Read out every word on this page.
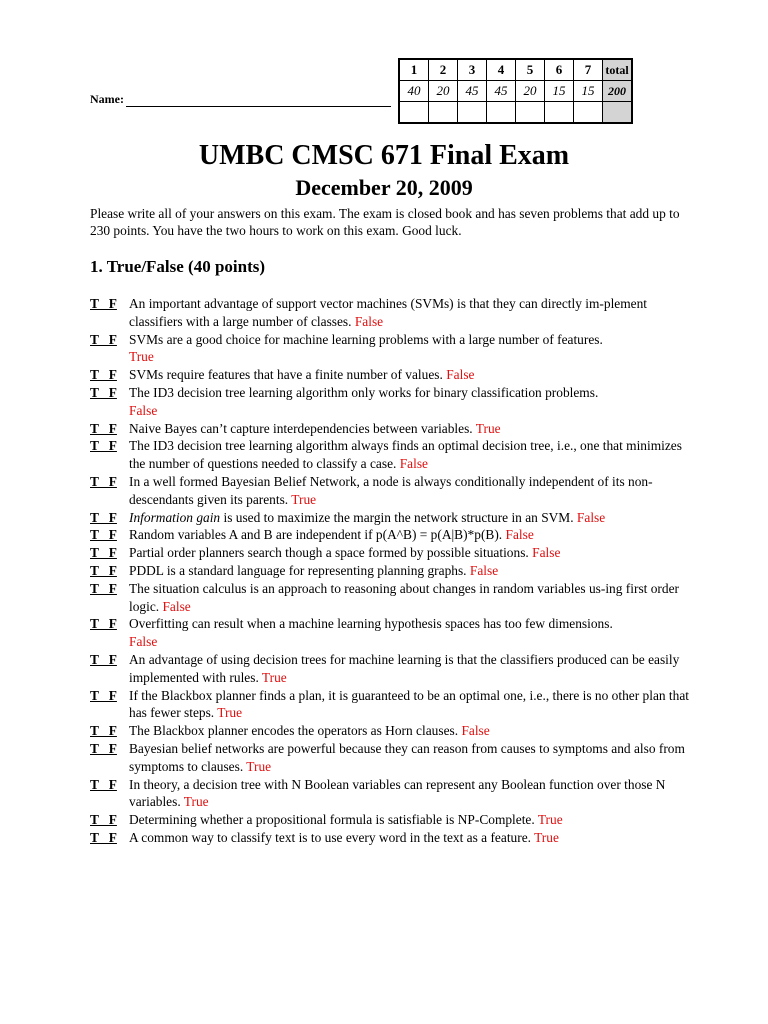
Name:
1	2	3	4	5	6	7	total
40	20	45	45	20	15	15	200

UMBC CMSC 671 Final Exam
December 20, 2009
Please write all of your answers on this exam. The exam is closed book and has seven problems that add up to 230 points. You have the two hours to work on this exam. Good luck.
1. True/False (40 points)
T   F An important advantage of support vector machines (SVMs) is that they can directly im-plement classifiers with a large number of classes. False
T   F SVMs are a good choice for machine learning problems with a large number of features.
True
T   F SVMs require features that have a finite number of values. False
T   F The ID3 decision tree learning algorithm only works for binary classification problems.
False
T   F Naive Bayes can’t capture interdependencies between variables. True
T   F The ID3 decision tree learning algorithm always finds an optimal decision tree, i.e., one that minimizes the number of questions needed to classify a case. False
T   F In a well formed Bayesian Belief Network, a node is always conditionally independent of its non-descendants given its parents. True
T   F Information gain is used to maximize the margin the network structure in an SVM. False
T   F Random variables A and B are independent if p(A^B) = p(A|B)*p(B). False
T   F Partial order planners search though a space formed by possible situations. False
T   F PDDL is a standard language for representing planning graphs. False
T   F The situation calculus is an approach to reasoning about changes in random variables us-ing first order logic. False
T   F Overfitting can result when a machine learning hypothesis spaces has too few dimensions.
False
T   F An advantage of using decision trees for machine learning is that the classifiers produced can be easily implemented with rules. True
T   F If the Blackbox planner finds a plan, it is guaranteed to be an optimal one, i.e., there is no other plan that has fewer steps. True
T   F The Blackbox planner encodes the operators as Horn clauses. False
T   F Bayesian belief networks are powerful because they can reason from causes to symptoms and also from symptoms to clauses. True
T   F In theory, a decision tree with N Boolean variables can represent any Boolean function over those N variables. True
T   F Determining whether a propositional formula is satisfiable is NP-Complete. True
T   F A common way to classify text is to use every word in the text as a feature. True
